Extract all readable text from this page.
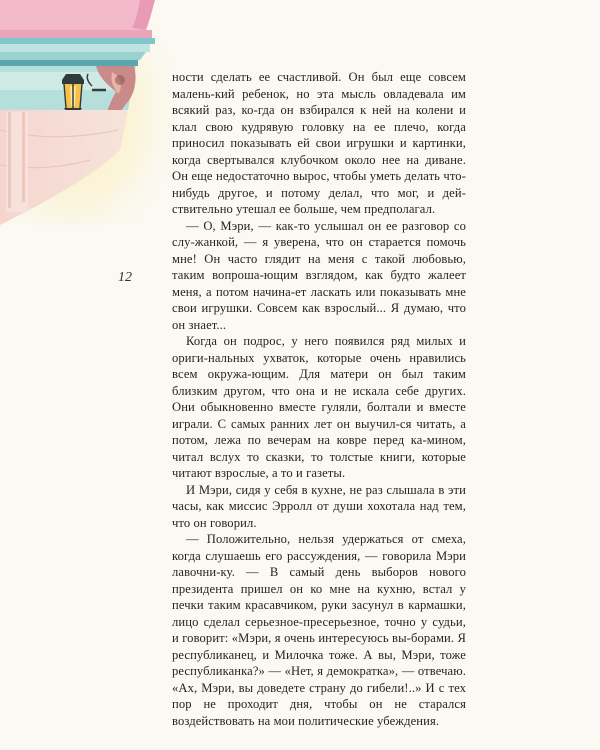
12

ности сделать ее счастливой. Он был еще совсем малень-кий ребенок, но эта мысль овладевала им всякий раз, ко-гда он взбирался к ней на колени и клал свою кудрявую головку на ее плечо, когда приносил показывать ей свои игрушки и картинки, когда свертывался клубочком около нее на диване. Он еще недостаточно вырос, чтобы уметь делать что-нибудь другое, и потому делал, что мог, и дей-ствительно утешал ее больше, чем предполагал.

— О, Мэри, — как-то услышал он ее разговор со слу-жанкой, — я уверена, что он старается помочь мне! Он часто глядит на меня с такой любовью, таким вопроша-ющим взглядом, как будто жалеет меня, а потом начина-ет ласкать или показывать мне свои игрушки. Совсем как взрослый... Я думаю, что он знает...

Когда он подрос, у него появился ряд милых и ориги-нальных ухваток, которые очень нравились всем окружа-ющим. Для матери он был таким близким другом, что она и не искала себе других. Они обыкновенно вместе гуляли, болтали и вместе играли. С самых ранних лет он выучил-ся читать, а потом, лежа по вечерам на ковре перед ка-мином, читал вслух то сказки, то толстые книги, которые читают взрослые, а то и газеты.

И Мэри, сидя у себя в кухне, не раз слышала в эти часы, как миссис Эрролл от души хохотала над тем, что он говорил.

— Положительно, нельзя удержаться от смеха, когда слушаешь его рассуждения, — говорила Мэри лавочни-ку. — В самый день выборов нового президента пришел он ко мне на кухню, встал у печки таким красавчиком, руки засунул в кармашки, лицо сделал серьезное-пресерьезное, точно у судьи, и говорит: «Мэри, я очень интересуюсь вы-борами. Я республиканец, и Милочка тоже. А вы, Мэри, тоже республиканка?» — «Нет, я демократка», — отвечаю. «Ах, Мэри, вы доведете страну до гибели!..» И с тех пор не проходит дня, чтобы он не старался воздействовать на мои политические убеждения.
